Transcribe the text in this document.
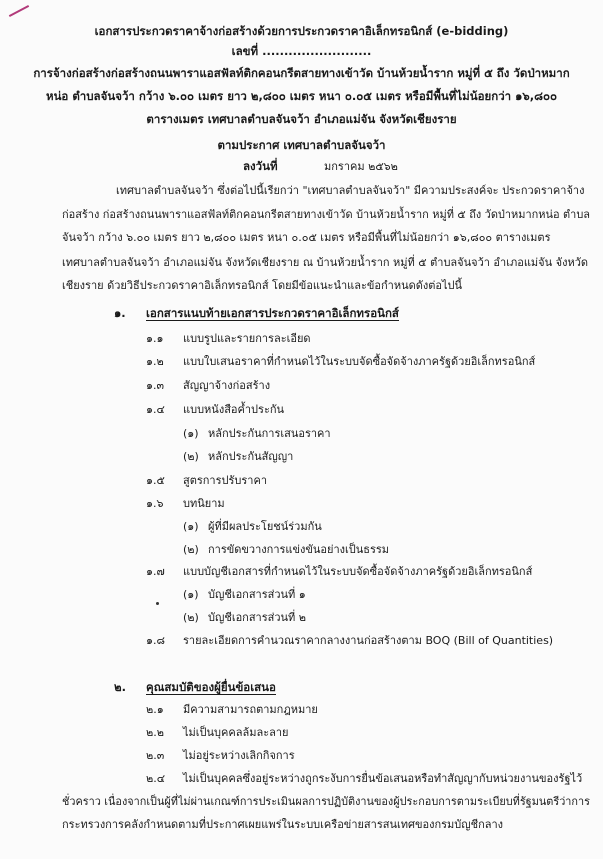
เอกสารประกวดราคาจ้างก่อสร้างด้วยการประกวดราคาอิเล็กทรอนิกส์ (e-bidding)
เลขที่ .........................
การจ้างก่อสร้างก่อสร้างถนนพาราแอสฟัลท์ติกคอนกรีตสายทางเข้าวัด บ้านห้วยน้ำราก หมู่ที่ ๕ ถึง วัดป่าหมาก
หน่อ ตำบลจันจว้า กว้าง ๖.๐๐ เมตร ยาว ๒,๘๐๐ เมตร หนา ๐.๐๕ เมตร หรือมีพื้นที่ไม่น้อยกว่า ๑๖,๘๐๐
ตารางเมตร เทศบาลตำบลจันจว้า อำเภอแม่จัน จังหวัดเชียงราย
ตามประกาศ เทศบาลตำบลจันจว้า
ลงวันที่	มกราคม ๒๕๖๒
เทศบาลตำบลจันจว้า ซึ่งต่อไปนี้เรียกว่า "เทศบาลตำบลจันจว้า" มีความประสงค์จะ ประกวดราคาจ้าง
ก่อสร้าง ก่อสร้างถนนพาราแอสฟัลท์ติกคอนกรีตสายทางเข้าวัด บ้านห้วยน้ำราก หมู่ที่ ๕ ถึง วัดป่าหมากหน่อ ตำบล
จันจว้า กว้าง ๖.๐๐ เมตร ยาว ๒,๘๐๐ เมตร หนา ๐.๐๕ เมตร หรือมีพื้นที่ไม่น้อยกว่า ๑๖,๘๐๐ ตารางเมตร
เทศบาลตำบลจันจว้า อำเภอแม่จัน จังหวัดเชียงราย ณ บ้านห้วยน้ำราก หมู่ที่ ๕ ตำบลจันจว้า อำเภอแม่จัน จังหวัด
เชียงราย ด้วยวิธีประกวดราคาอิเล็กทรอนิกส์ โดยมีข้อแนะนำและข้อกำหนดดังต่อไปนี้
๑. เอกสารแนบท้ายเอกสารประกวดราคาอิเล็กทรอนิกส์
๑.๑ แบบรูปและรายการละเอียด
๑.๒ แบบใบเสนอราคาที่กำหนดไว้ในระบบจัดซื้อจัดจ้างภาครัฐด้วยอิเล็กทรอนิกส์
๑.๓ สัญญาจ้างก่อสร้าง
๑.๔ แบบหนังสือค้ำประกัน
(๑) หลักประกันการเสนอราคา
(๒) หลักประกันสัญญา
๑.๕ สูตรการปรับราคา
๑.๖ บทนิยาม
(๑) ผู้ที่มีผลประโยชน์ร่วมกัน
(๒) การขัดขวางการแข่งขันอย่างเป็นธรรม
๑.๗ แบบบัญชีเอกสารที่กำหนดไว้ในระบบจัดซื้อจัดจ้างภาครัฐด้วยอิเล็กทรอนิกส์
(๑) บัญชีเอกสารส่วนที่ ๑
(๒) บัญชีเอกสารส่วนที่ ๒
๑.๘ รายละเอียดการคำนวณราคากลางงานก่อสร้างตาม BOQ (Bill of Quantities)
๒. คุณสมบัติของผู้ยื่นข้อเสนอ
๒.๑ มีความสามารถตามกฎหมาย
๒.๒ ไม่เป็นบุคคลล้มละลาย
๒.๓ ไม่อยู่ระหว่างเลิกกิจการ
๒.๔ ไม่เป็นบุคคลซึ่งอยู่ระหว่างถูกระงับการยื่นข้อเสนอหรือทำสัญญากับหน่วยงานของรัฐไว้
ชั่วคราว เนื่องจากเป็นผู้ที่ไม่ผ่านเกณฑ์การประเมินผลการปฏิบัติงานของผู้ประกอบการตามระเบียบที่รัฐมนตรีว่าการ
กระทรวงการคลังกำหนดตามที่ประกาศเผยแพร่ในระบบเครือข่ายสารสนเทศของกรมบัญชีกลาง
